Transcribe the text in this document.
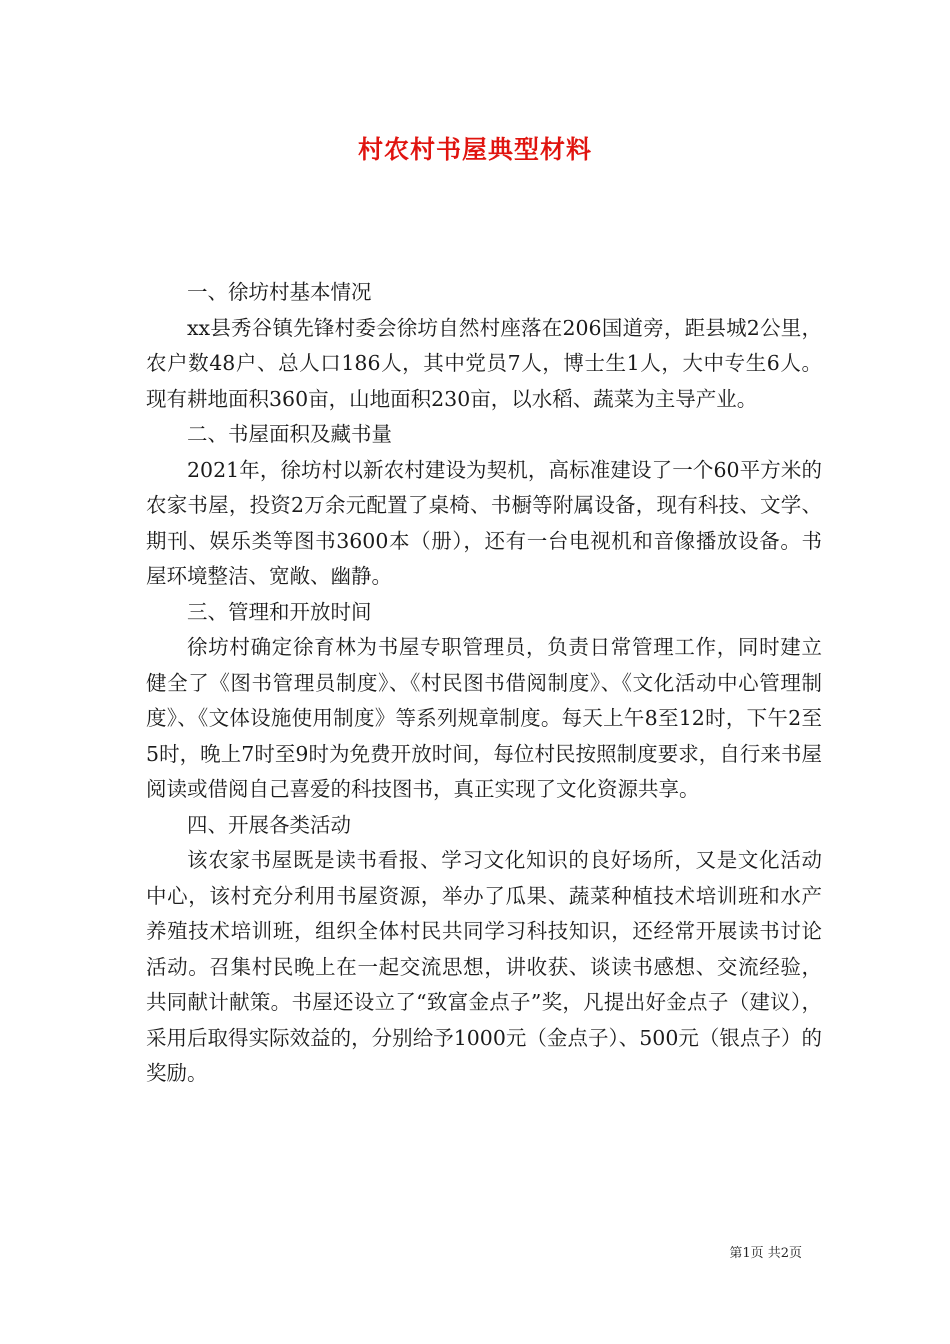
村农村书屋典型材料

一、徐坊村基本情况

xx县秀谷镇先锋村委会徐坊自然村座落在206国道旁，距县城2公里，农户数48户、总人口186人，其中党员7人，博士生1人，大中专生6人。现有耕地面积360亩，山地面积230亩，以水稻、蔬菜为主导产业。

二、书屋面积及藏书量

2021年，徐坊村以新农村建设为契机，高标准建设了一个60平方米的农家书屋，投资2万余元配置了桌椅、书橱等附属设备，现有科技、文学、期刊、娱乐类等图书3600本（册），还有一台电视机和音像播放设备。书屋环境整洁、宽敞、幽静。

三、管理和开放时间

徐坊村确定徐育林为书屋专职管理员，负责日常管理工作，同时建立健全了《图书管理员制度》、《村民图书借阅制度》、《文化活动中心管理制度》、《文体设施使用制度》等系列规章制度。每天上午8至12时，下午2至5时，晚上7时至9时为免费开放时间，每位村民按照制度要求，自行来书屋阅读或借阅自己喜爱的科技图书，真正实现了文化资源共享。

四、开展各类活动

该农家书屋既是读书看报、学习文化知识的良好场所，又是文化活动中心，该村充分利用书屋资源，举办了瓜果、蔬菜种植技术培训班和水产养殖技术培训班，组织全体村民共同学习科技知识，还经常开展读书讨论活动。召集村民晚上在一起交流思想，讲收获、谈读书感想、交流经验，共同献计献策。书屋还设立了“致富金点子”奖，凡提出好金点子（建议），采用后取得实际效益的，分别给予1000元（金点子）、500元（银点子）的奖励。

第1页 共2页
